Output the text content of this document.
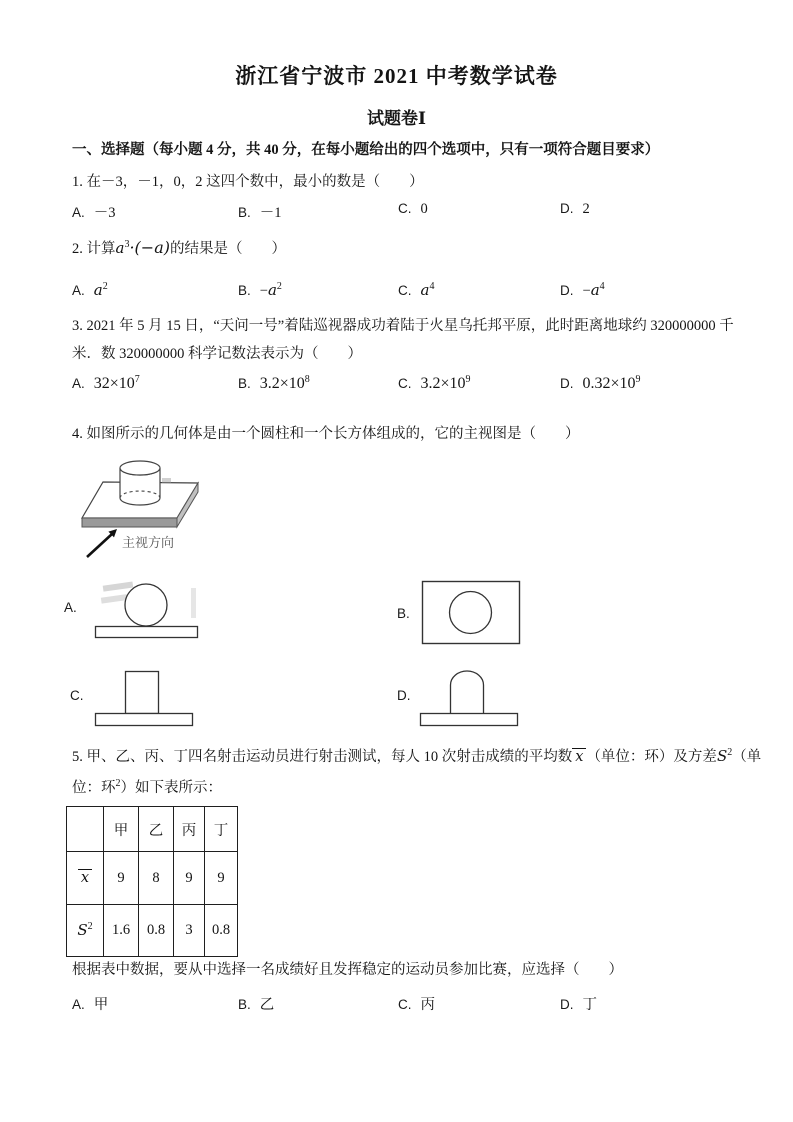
浙江省宁波市 2021 中考数学试卷
试题卷Ⅰ
一、选择题（每小题 4 分，共 40 分，在每小题给出的四个选项中，只有一项符合题目要求）
1. 在－3，－1，0，2 这四个数中，最小的数是（　　）
A. －3	B. －1	C. 0	D. 2
2. 计算$a^3\cdot(-a)$的结果是（　　）
A. $a^2$	B. $-a^2$	C. $a^4$	D. $-a^4$
3. 2021 年 5 月 15 日，“天问一号”着陆巡视器成功着陆于火星乌托邦平原，此时距离地球约 320000000 千
米．数 320000000 科学记数法表示为（　　）
A. $32\times 10^7$	B. $3.2\times 10^8$	C. $3.2\times 10^9$	D. $0.32\times 10^9$
4. 如图所示的几何体是由一个圆柱和一个长方体组成的，它的主视图是（　　）
主视方向
A.	B.
C.	D.
5. 甲、乙、丙、丁四名射击运动员进行射击测试，每人 10 次射击成绩的平均数 x （单位：环）及方差$S^2$（单
位：环$^2$）如下表所示：
	甲	乙	丙	丁
x	9	8	9	9
$S^2$	1.6	0.8	3	0.8
根据表中数据，要从中选择一名成绩好且发挥稳定的运动员参加比赛，应选择（　　）
A. 甲	B. 乙	C. 丙	D. 丁
